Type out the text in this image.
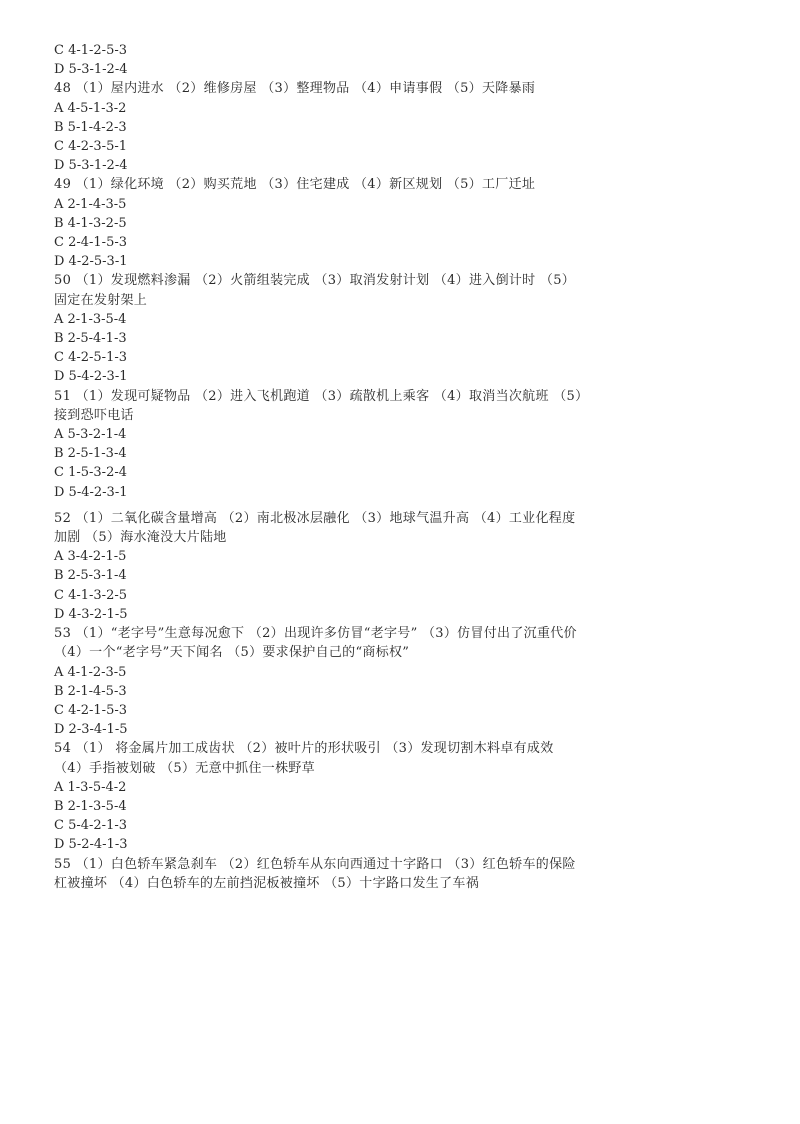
C 4-1-2-5-3
D 5-3-1-2-4
48 （1）屋内进水 （2）维修房屋 （3）整理物品 （4）申请事假 （5）天降暴雨
A 4-5-1-3-2
B 5-1-4-2-3
C 4-2-3-5-1
D 5-3-1-2-4
49 （1）绿化环境 （2）购买荒地 （3）住宅建成 （4）新区规划 （5）工厂迁址
A 2-1-4-3-5
B 4-1-3-2-5
C 2-4-1-5-3
D 4-2-5-3-1
50 （1）发现燃料渗漏 （2）火箭组装完成 （3）取消发射计划 （4）进入倒计时 （5）固定在发射架上
A 2-1-3-5-4
B 2-5-4-1-3
C 4-2-5-1-3
D 5-4-2-3-1
51 （1）发现可疑物品 （2）进入飞机跑道 （3）疏散机上乘客 （4）取消当次航班 （5）接到恐吓电话
A 5-3-2-1-4
B 2-5-1-3-4
C 1-5-3-2-4
D 5-4-2-3-1
52 （1）二氧化碳含量增高 （2）南北极冰层融化 （3）地球气温升高 （4）工业化程度加剧 （5）海水淹没大片陆地
A 3-4-2-1-5
B 2-5-3-1-4
C 4-1-3-2-5
D 4-3-2-1-5
53 （1）“老字号”生意每况愈下 （2）出现许多仿冒“老字号” （3）仿冒付出了沉重代价 （4）一个“老字号”天下闻名 （5）要求保护自己的“商标权”
A 4-1-2-3-5
B 2-1-4-5-3
C 4-2-1-5-3
D 2-3-4-1-5
54 （1） 将金属片加工成齿状 （2）被叶片的形状吸引 （3）发现切割木料卓有成效 （4）手指被划破 （5）无意中抓住一株野草
A 1-3-5-4-2
B 2-1-3-5-4
C 5-4-2-1-3
D 5-2-4-1-3
55 （1）白色轿车紧急刹车 （2）红色轿车从东向西通过十字路口 （3）红色轿车的保险杠被撞坏 （4）白色轿车的左前挡泥板被撞坏 （5）十字路口发生了车祸
